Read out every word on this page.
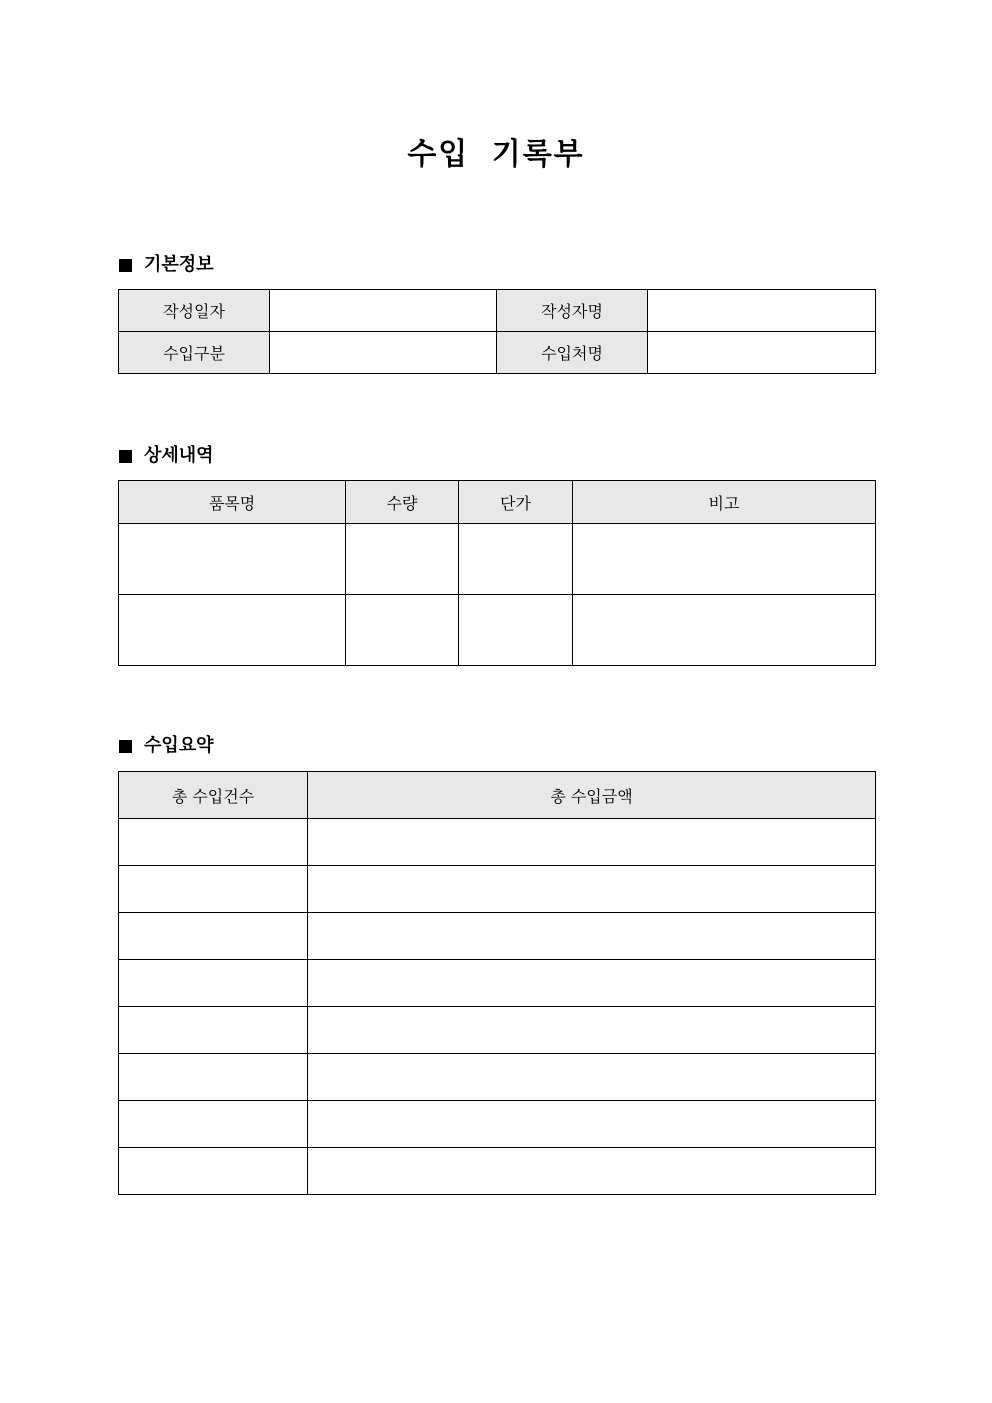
수입 기록부
기본정보
작성일자		작성자명	
수입구분		수입처명	
상세내역
품목명	수량	단가	비고

수입요약
총 수입건수	총 수입금액
